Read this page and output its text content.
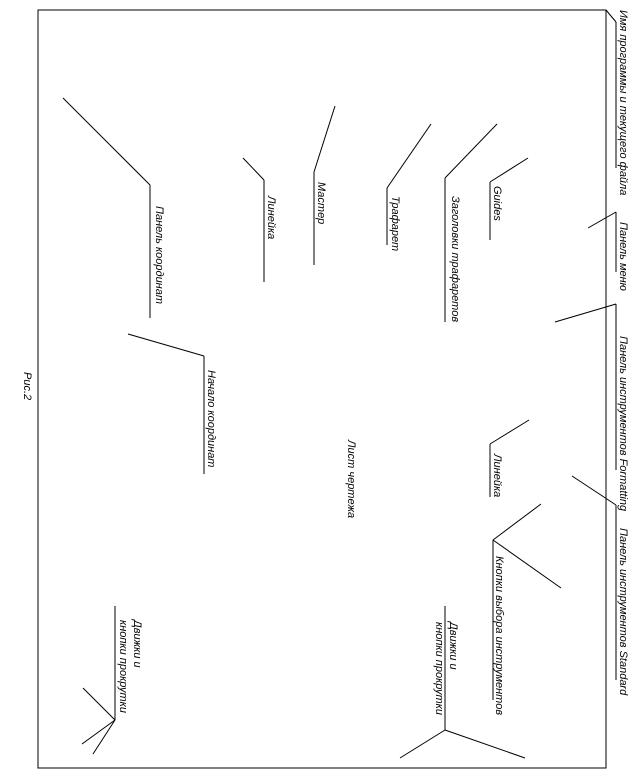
Имя программы и текущего файла
Панель меню
Панель инструментов Formatting
Панель инструментов Standard
Guides
Заголовки трафаретов
Трафарет
Мастер
Линейка
Панель координат
Начало координат
Лист чертежа	Линейка
Кнопки выбора инструментов
Движки и кнопки прокрутки
Движки и кнопки прокрутки
Рис.2
